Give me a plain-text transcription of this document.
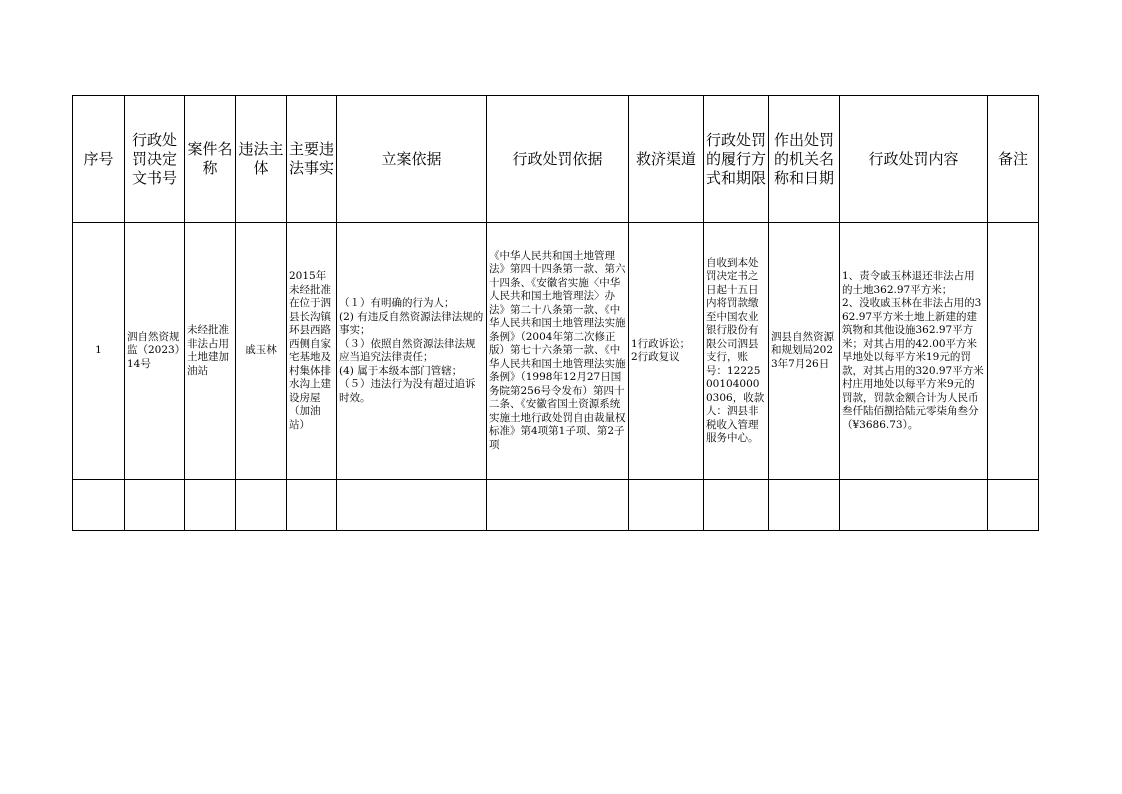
序号	行政处罚决定文书号	案件名称	违法主体	主要违法事实	立案依据	行政处罚依据	救济渠道	行政处罚的履行方式和期限	作出处罚的机关名称和日期	行政处罚内容	备注
1	泗自然资规监（2023）14号	未经批准非法占用土地建加油站	戚玉林	2015年未经批准在位于泗县长沟镇环县西路西侧自家宅基地及村集体排水沟上建设房屋（加油站）	（１）有明确的行为人；
(2) 有违反自然资源法律法规的事实；
（３）依照自然资源法律法规应当追究法律责任；
(4) 属于本级本部门管辖；
（５）违法行为没有超过追诉时效。	《中华人民共和国土地管理法》第四十四条第一款、第六十四条、《安徽省实施〈中华人民共和国土地管理法〉办法》第二十八条第一款、《中华人民共和国土地管理法实施条例》（2004年第二次修正版）第七十六条第一款、《中华人民共和国土地管理法实施条例》（1998年12月27日国务院第256号令发布）第四十二条、《安徽省国土资源系统实施土地行政处罚自由裁量权标准》第4项第1子项、第2子项	1行政诉讼；
2行政复议	自收到本处罚决定书之日起十五日内将罚款缴至中国农业银行股份有限公司泗县支行，账号：12225001040000306，收款人：泗县非税收入管理服务中心。	泗县自然资源和规划局2023年7月26日	1、责令戚玉林退还非法占用的土地362.97平方米；
2、没收戚玉林在非法占用的362.97平方米土地上新建的建筑物和其他设施362.97平方米；对其占用的42.00平方米旱地处以每平方米19元的罚款，对其占用的320.97平方米村庄用地处以每平方米9元的罚款，罚款金额合计为人民币叁仟陆佰捌拾陆元零柒角叁分（¥3686.73）。	
